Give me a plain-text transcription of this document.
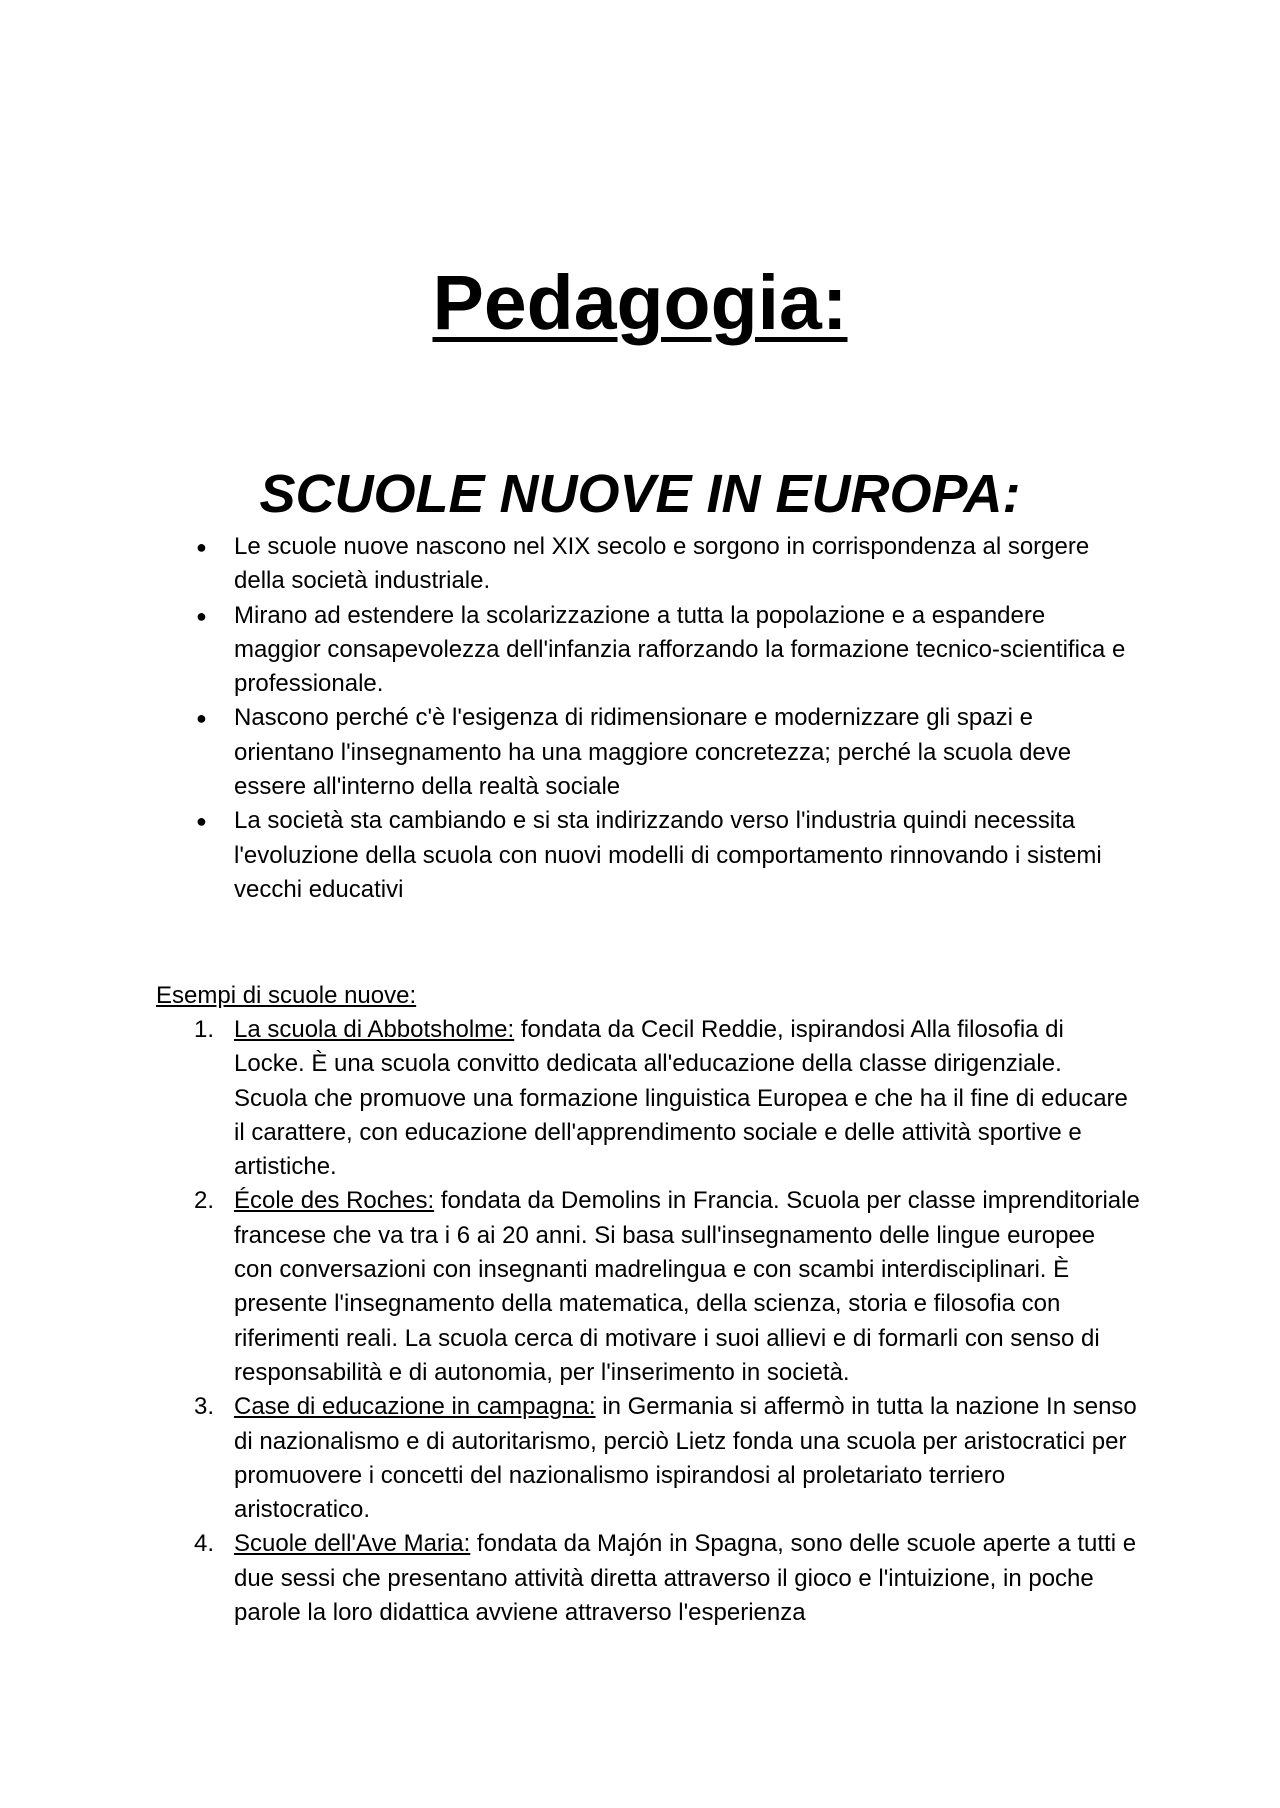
Pedagogia:
SCUOLE NUOVE IN EUROPA:
● Le scuole nuove nascono nel XIX secolo e sorgono in corrispondenza al sorgere della società industriale.
● Mirano ad estendere la scolarizzazione a tutta la popolazione e a espandere maggior consapevolezza dell'infanzia rafforzando la formazione tecnico-scientifica e professionale.
● Nascono perché c'è l'esigenza di ridimensionare e modernizzare gli spazi e orientano l'insegnamento ha una maggiore concretezza; perché la scuola deve essere all'interno della realtà sociale
● La società sta cambiando e si sta indirizzando verso l'industria quindi necessita l'evoluzione della scuola con nuovi modelli di comportamento rinnovando i sistemi vecchi educativi

Esempi di scuole nuove:

1. La scuola di Abbotsholme: fondata da Cecil Reddie, ispirandosi Alla filosofia di Locke. È una scuola convitto dedicata all'educazione della classe dirigenziale. Scuola che promuove una formazione linguistica Europea e che ha il fine di educare il carattere, con educazione dell'apprendimento sociale e delle attività sportive e artistiche.
2. École des Roches: fondata da Demolins in Francia. Scuola per classe imprenditoriale francese che va tra i 6 ai 20 anni. Si basa sull'insegnamento delle lingue europee con conversazioni con insegnanti madrelingua e con scambi interdisciplinari. È presente l'insegnamento della matematica, della scienza, storia e filosofia con riferimenti reali. La scuola cerca di motivare i suoi allievi e di formarli con senso di responsabilità e di autonomia, per l'inserimento in società.
3. Case di educazione in campagna: in Germania si affermò in tutta la nazione In senso di nazionalismo e di autoritarismo, perciò Lietz fonda una scuola per aristocratici per promuovere i concetti del nazionalismo ispirandosi al proletariato terriero aristocratico.
4. Scuole dell'Ave Maria: fondata da Majón in Spagna, sono delle scuole aperte a tutti e due sessi che presentano attività diretta attraverso il gioco e l'intuizione, in poche parole la loro didattica avviene attraverso l'esperienza
